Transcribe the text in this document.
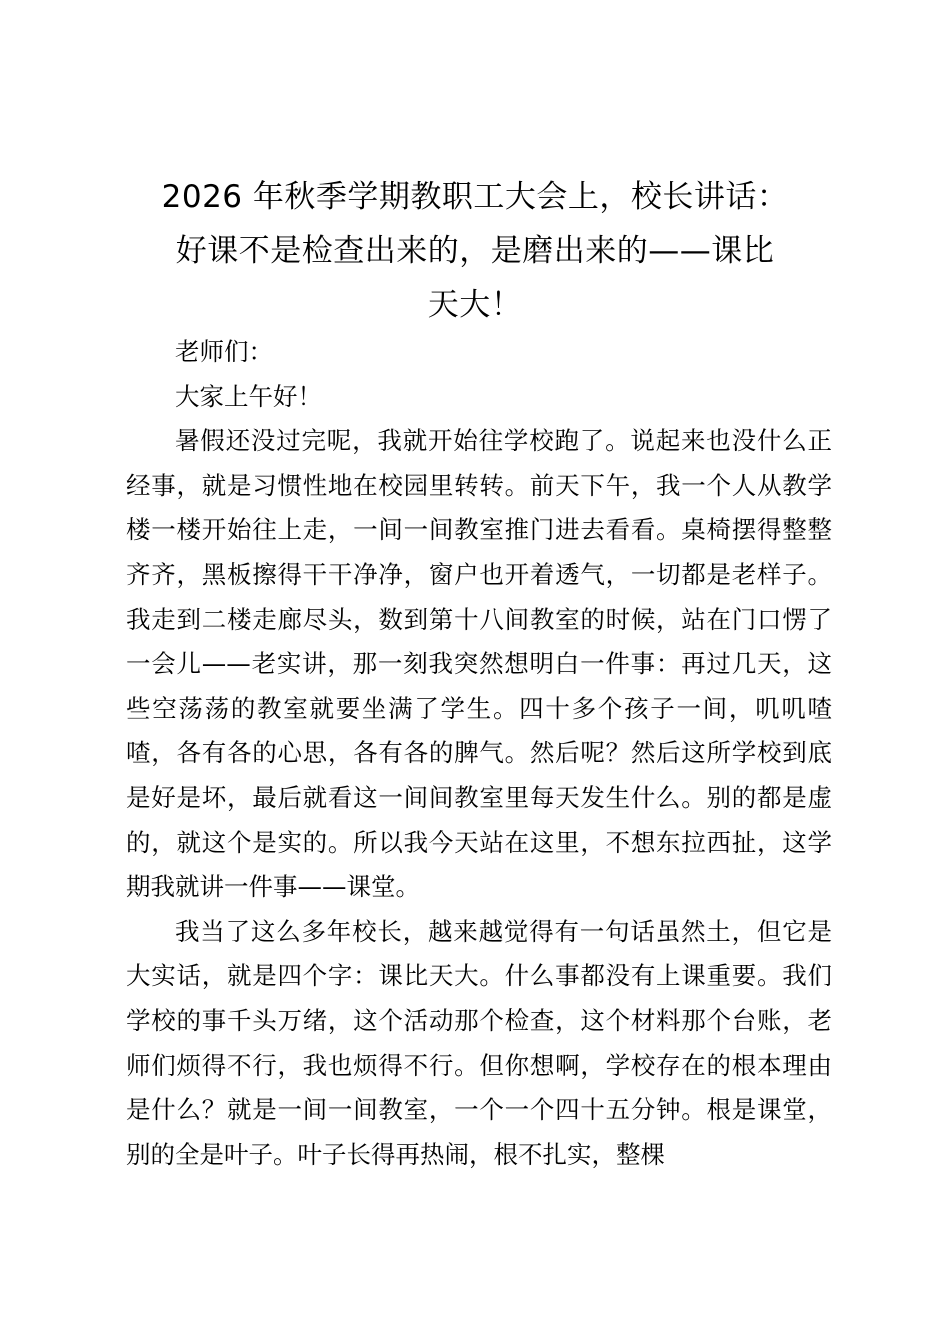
2026 年秋季学期教职工大会上，校长讲话：
好课不是检查出来的，是磨出来的——课比
天大！

老师们：

大家上午好！

暑假还没过完呢，我就开始往学校跑了。说起来也没什么正经事，就是习惯性地在校园里转转。前天下午，我一个人从教学楼一楼开始往上走，一间一间教室推门进去看看。桌椅摆得整整齐齐，黑板擦得干干净净，窗户也开着透气，一切都是老样子。我走到二楼走廊尽头，数到第十八间教室的时候，站在门口愣了一会儿——老实讲，那一刻我突然想明白一件事：再过几天，这些空荡荡的教室就要坐满了学生。四十多个孩子一间，叽叽喳喳，各有各的心思，各有各的脾气。然后呢？然后这所学校到底是好是坏，最后就看这一间间教室里每天发生什么。别的都是虚的，就这个是实的。所以我今天站在这里，不想东拉西扯，这学期我就讲一件事——课堂。

我当了这么多年校长，越来越觉得有一句话虽然土，但它是大实话，就是四个字：课比天大。什么事都没有上课重要。我们学校的事千头万绪，这个活动那个检查，这个材料那个台账，老师们烦得不行，我也烦得不行。但你想啊，学校存在的根本理由是什么？就是一间一间教室，一个一个四十五分钟。根是课堂，别的全是叶子。叶子长得再热闹，根不扎实，整棵
